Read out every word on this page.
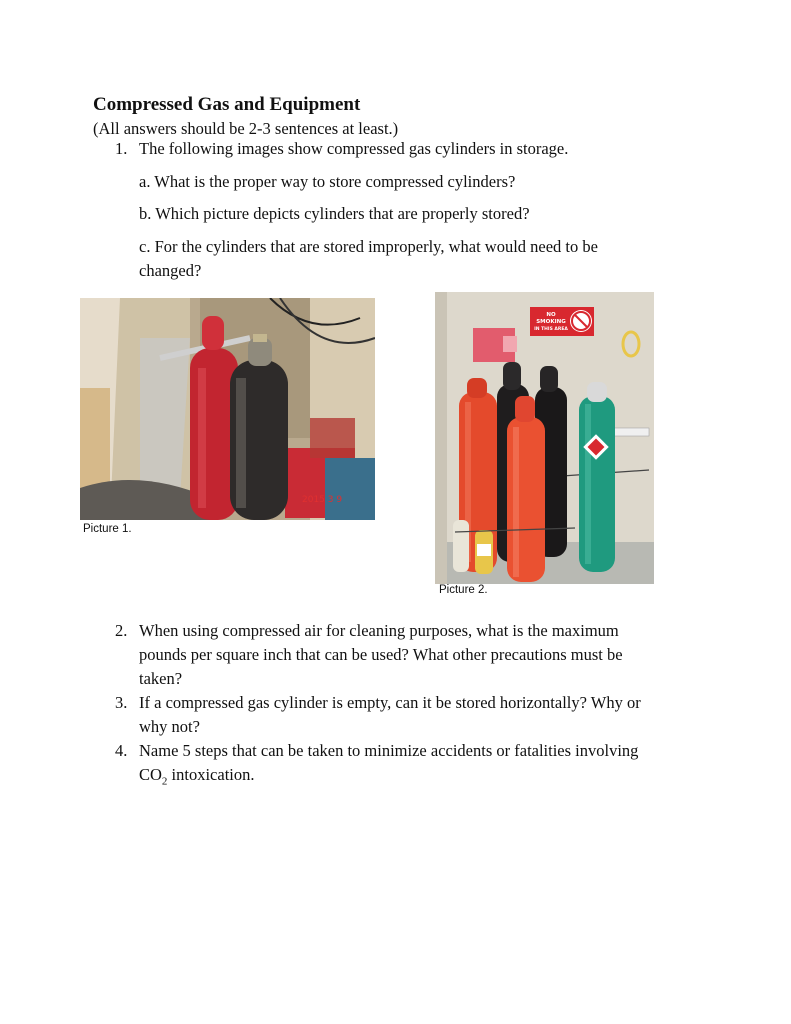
Compressed Gas and Equipment
(All answers should be 2-3 sentences at least.)
1. The following images show compressed gas cylinders in storage.
a. What is the proper way to store compressed cylinders?
b. Which picture depicts cylinders that are properly stored?
c. For the cylinders that are stored improperly, what would need to be
changed?
2015 3 9
Picture 1.
NO
SMOKING
IN THIS AREA
Picture 2.
2. When using compressed air for cleaning purposes, what is the maximum
pounds per square inch that can be used? What other precautions must be
taken?
3. If a compressed gas cylinder is empty, can it be stored horizontally? Why or
why not?
4. Name 5 steps that can be taken to minimize accidents or fatalities involving
$CO_2$ intoxication.
